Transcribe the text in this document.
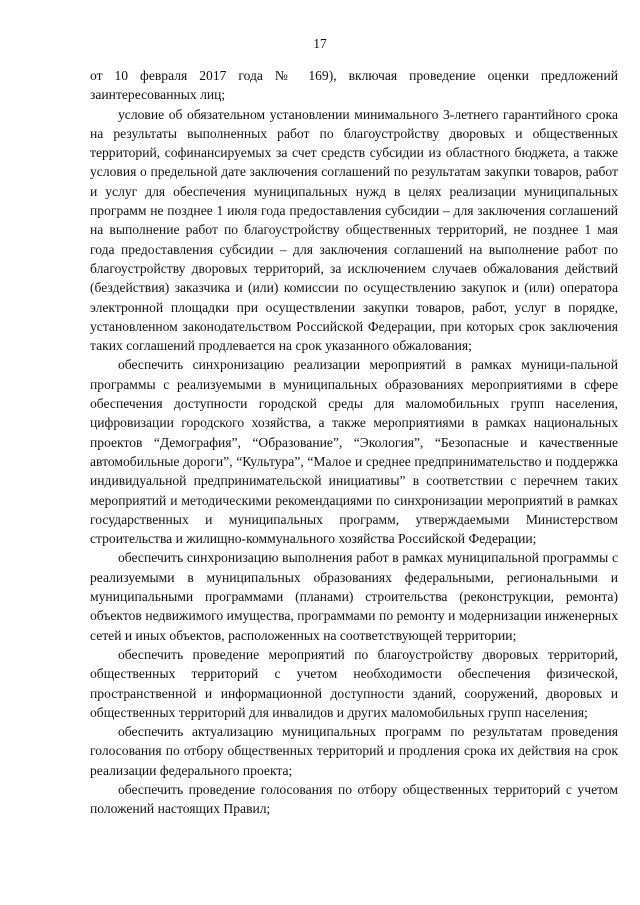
17

от 10 февраля 2017 года № 169), включая проведение оценки предложений заинтересованных лиц;

условие об обязательном установлении минимального 3-летнего гарантийного срока на результаты выполненных работ по благоустройству дворовых и общественных территорий, софинансируемых за счет средств субсидии из областного бюджета, а также условия о предельной дате заключения соглашений по результатам закупки товаров, работ и услуг для обеспечения муниципальных нужд в целях реализации муниципальных программ не позднее 1 июля года предоставления субсидии – для заключения соглашений на выполнение работ по благоустройству общественных территорий, не позднее 1 мая года предоставления субсидии – для заключения соглашений на выполнение работ по благоустройству дворовых территорий, за исключением случаев обжалования действий (бездействия) заказчика и (или) комиссии по осуществлению закупок и (или) оператора электронной площадки при осуществлении закупки товаров, работ, услуг в порядке, установленном законодательством Российской Федерации, при которых срок заключения таких соглашений продлевается на срок указанного обжалования;

обеспечить синхронизацию реализации мероприятий в рамках муници-пальной программы с реализуемыми в муниципальных образованиях мероприятиями в сфере обеспечения доступности городской среды для маломобильных групп населения, цифровизации городского хозяйства, а также мероприятиями в рамках национальных проектов “Демография”, “Образование”, “Экология”, “Безопасные и качественные автомобильные дороги”, “Культура”, “Малое и среднее предпринимательство и поддержка индивидуальной предпринимательской инициативы” в соответствии с перечнем таких мероприятий и методическими рекомендациями по синхронизации мероприятий в рамках государственных и муниципальных программ, утверждаемыми Министерством строительства и жилищно-коммунального хозяйства Российской Федерации;

обеспечить синхронизацию выполнения работ в рамках муниципальной программы с реализуемыми в муниципальных образованиях федеральными, региональными и муниципальными программами (планами) строительства (реконструкции, ремонта) объектов недвижимого имущества, программами по ремонту и модернизации инженерных сетей и иных объектов, расположенных на соответствующей территории;

обеспечить проведение мероприятий по благоустройству дворовых территорий, общественных территорий с учетом необходимости обеспечения физической, пространственной и информационной доступности зданий, сооружений, дворовых и общественных территорий для инвалидов и других маломобильных групп населения;

обеспечить актуализацию муниципальных программ по результатам проведения голосования по отбору общественных территорий и продления срока их действия на срок реализации федерального проекта;

обеспечить проведение голосования по отбору общественных территорий с учетом положений настоящих Правил;
